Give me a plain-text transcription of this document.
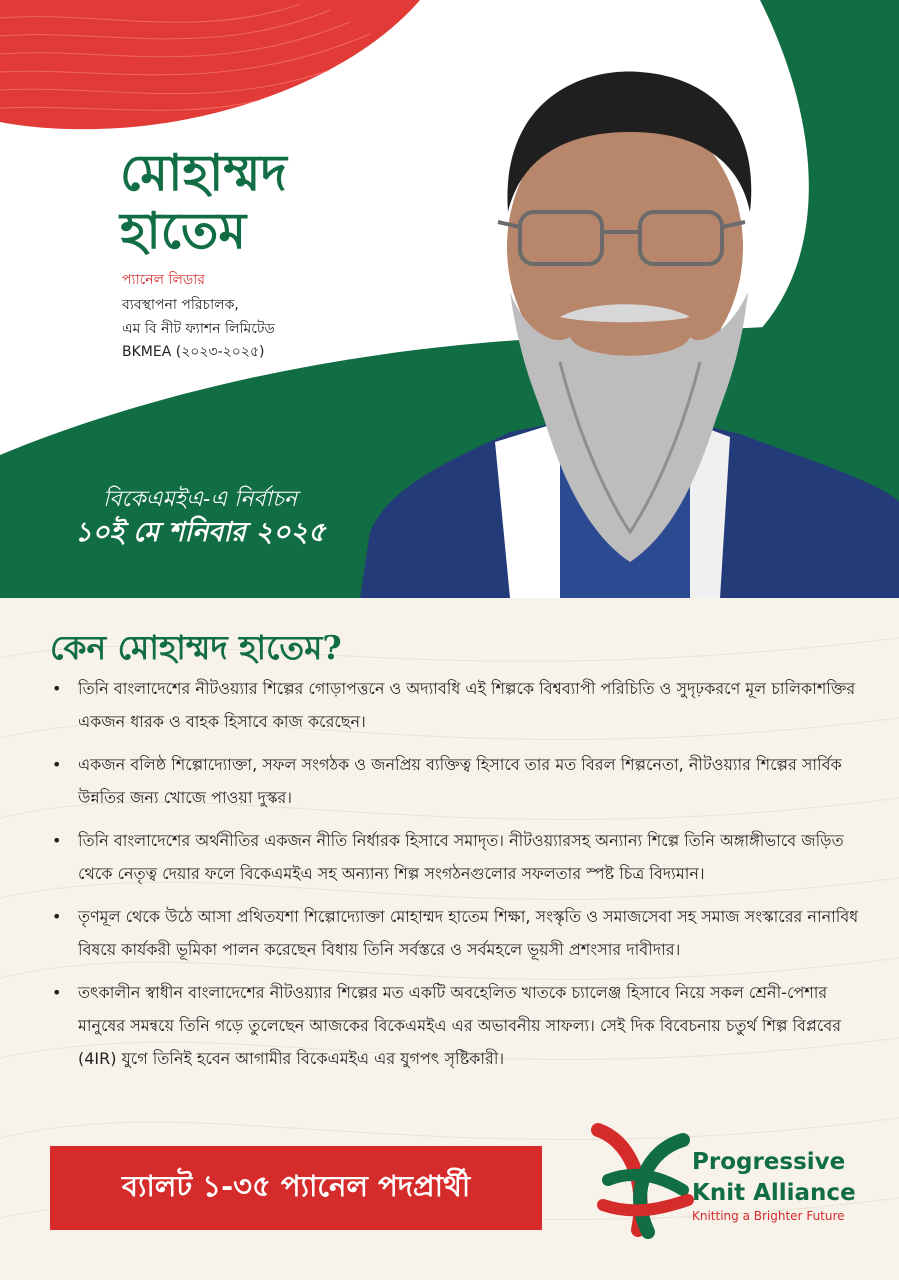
মোহাম্মদ
হাতেম

প্যানেল লিডার

ব্যবস্থাপনা পরিচালক,

এম বি নীট ফ্যাশন লিমিটেড

BKMEA (২০২৩-২০২৫)

বিকেএমইএ-এ নির্বাচন

১০ই মে শনিবার ২০২৫

কেন মোহাম্মদ হাতেম?
• তিনি বাংলাদেশের নীটওয়্যার শিল্পের গোড়াপত্তনে ও অদ্যাবধি এই শিল্পকে বিশ্বব্যাপী পরিচিতি ও সুদৃঢ়করণে মূল চালিকাশক্তির একজন ধারক ও বাহক হিসাবে কাজ করেছেন।
• একজন বলিষ্ঠ শিল্পোদ্যোক্তা, সফল সংগঠক ও জনপ্রিয় ব্যক্তিত্ব হিসাবে তার মত বিরল শিল্পনেতা, নীটওয়্যার শিল্পের সার্বিক উন্নতির জন্য খোজে পাওয়া দুস্কর।
• তিনি বাংলাদেশের অর্থনীতির একজন নীতি নির্ধারক হিসাবে সমাদৃত। নীটওয়্যারসহ অন্যান্য শিল্পে তিনি অঙ্গাঙ্গীভাবে জড়িত থেকে নেতৃত্ব দেয়ার ফলে বিকেএমইএ সহ অন্যান্য শিল্প সংগঠনগুলোর সফলতার স্পষ্ট চিত্র বিদ্যমান।
• তৃণমূল থেকে উঠে আসা প্রথিতযশা শিল্পোদ্যোক্তা মোহাম্মদ হাতেম শিক্ষা, সংস্কৃতি ও সমাজসেবা সহ সমাজ সংস্কারের নানাবিধ বিষয়ে কার্যকরী ভূমিকা পালন করেছেন বিধায় তিনি সর্বস্তরে ও সর্বমহলে ভূয়সী প্রশংসার দাবীদার।
• তৎকালীন স্বাধীন বাংলাদেশের নীটওয়্যার শিল্পের মত একটি অবহেলিত খাতকে চ্যালেঞ্জ হিসাবে নিয়ে সকল শ্রেনী-পেশার মানুষের সমন্বয়ে তিনি গড়ে তুলেছেন আজকের বিকেএমইএ এর অভাবনীয় সাফল্য। সেই দিক বিবেচনায় চতুর্থ শিল্প বিপ্লবের (4IR) যুগে তিনিই হবেন আগামীর বিকেএমইএ এর যুগপৎ সৃষ্টিকারী।
ব্যালট ১-৩৫ প্যানেল পদপ্রার্থী

Progressive

Knit Alliance

Knitting a Brighter Future
